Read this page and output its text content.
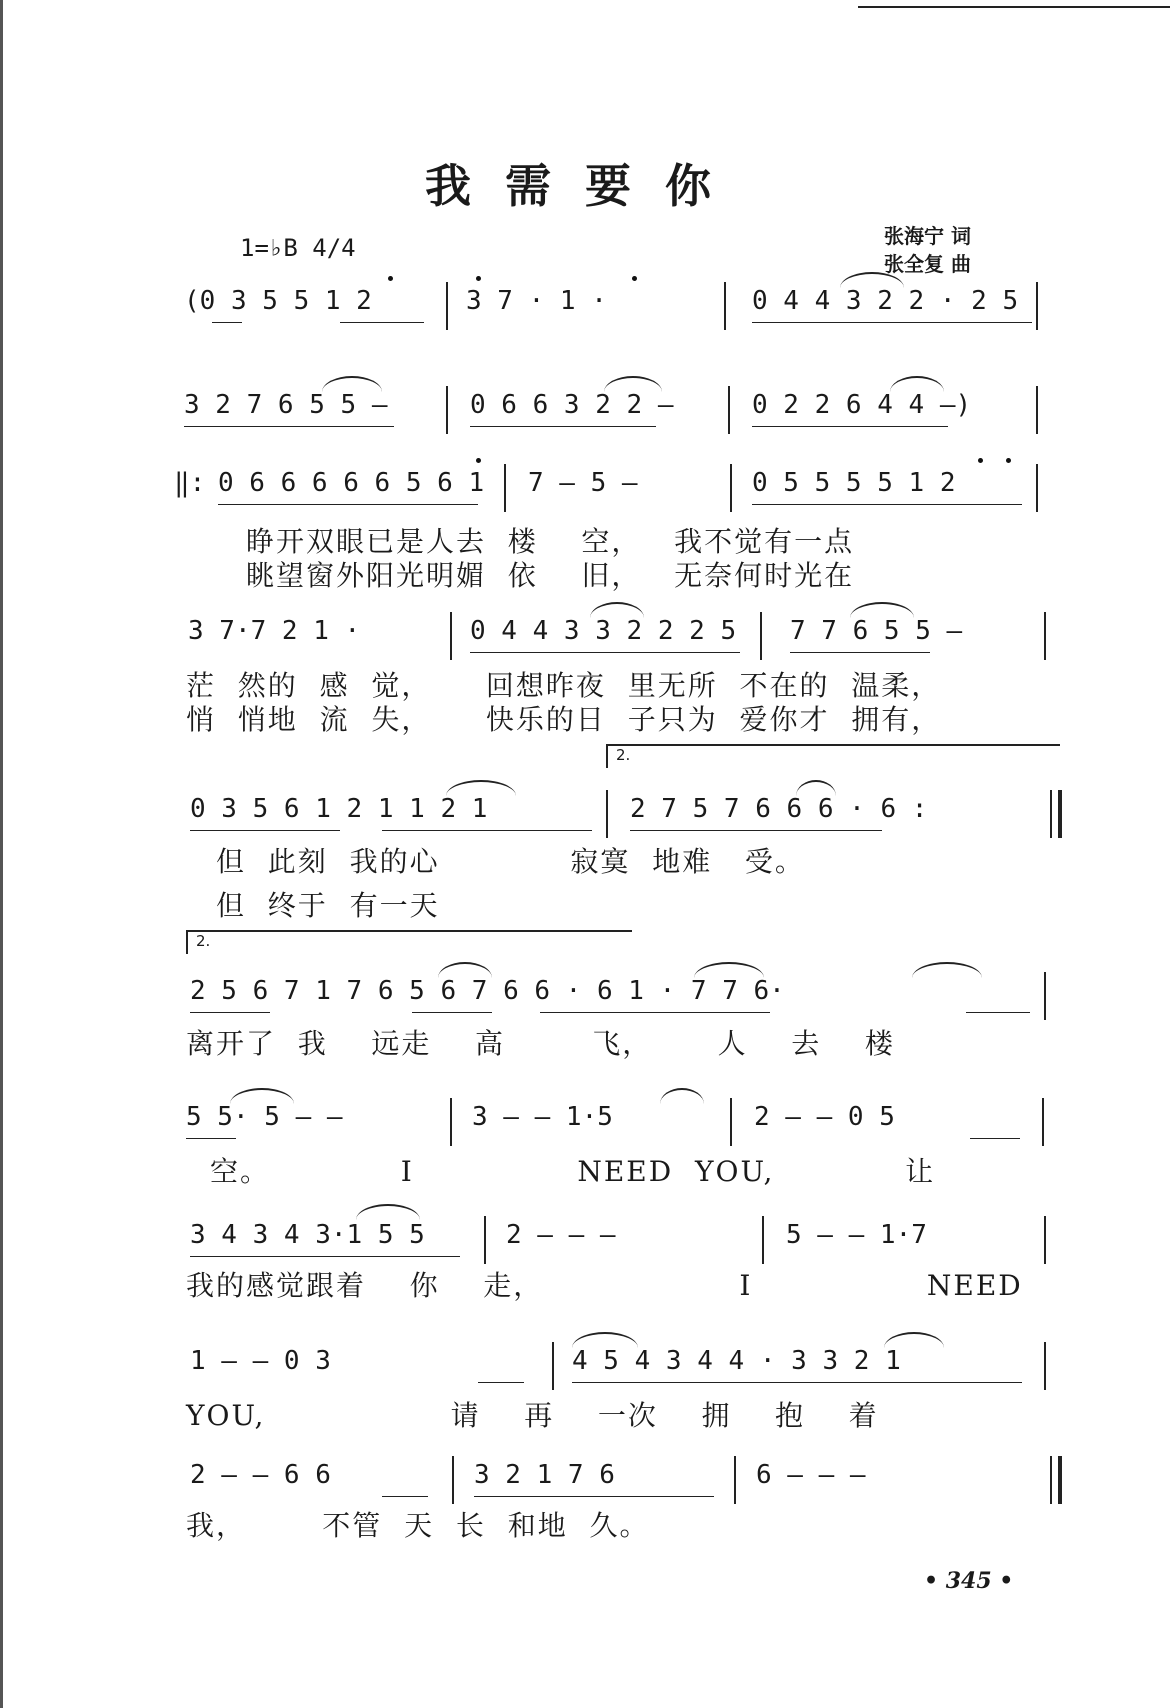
我需要你
1=♭B 4/4	张海宁 词
张全复 曲
(0 3 5 5 1 2	3 7 · 1 ·	0 4 4 3 2 2 · 2 5
3 2 7 6 5 5 —	0 6 6 3 2 2 —	0 2 2 6 4 4 —)
‖: 0 6 6 6 6 6 5 6 1 7 — 5 —	0 5 5 5 5 1 2
睁开双眼已是人去  楼    空，   我不觉有一点
眺望窗外阳光明媚  依    旧，   无奈何时光在
3 7·7 2 1 ·	0 4 4 3 3 2 2 2 5 7 7 6 5 5 —
茫  然的  感  觉，     回想昨夜  里无所  不在的  温柔，
悄  悄地  流  失，     快乐的日  子只为  爱你才  拥有，
2.
0 3 5 6 1 2 1 1 2 1	2 7 5 7 6 6 6 · 6 :
但  此刻  我的心            寂寞  地难   受。
但  终于  有一天
2.
2 5 6 7 1 7 6 5 6 7 6 6 · 6 1 · 7 7 6·
离开了  我    远走    高        飞，      人    去    楼
5 5· 5 — —	3 — — 1·5	2 — — 0 5
空。            I               NEED  YOU,            让
3 4 3 4 3·1 5 5	2 — — —	5 — — 1·7
我的感觉跟着    你    走，                  I                NEED
1 — — 0 3	4 5 4 3 4 4 · 3 3 2 1
YOU,                 请    再    一次    拥    抱    着
2 — — 6 6	3 2 1 7 6	6 — — —
我，       不管  天  长  和地  久。
• 345 •
